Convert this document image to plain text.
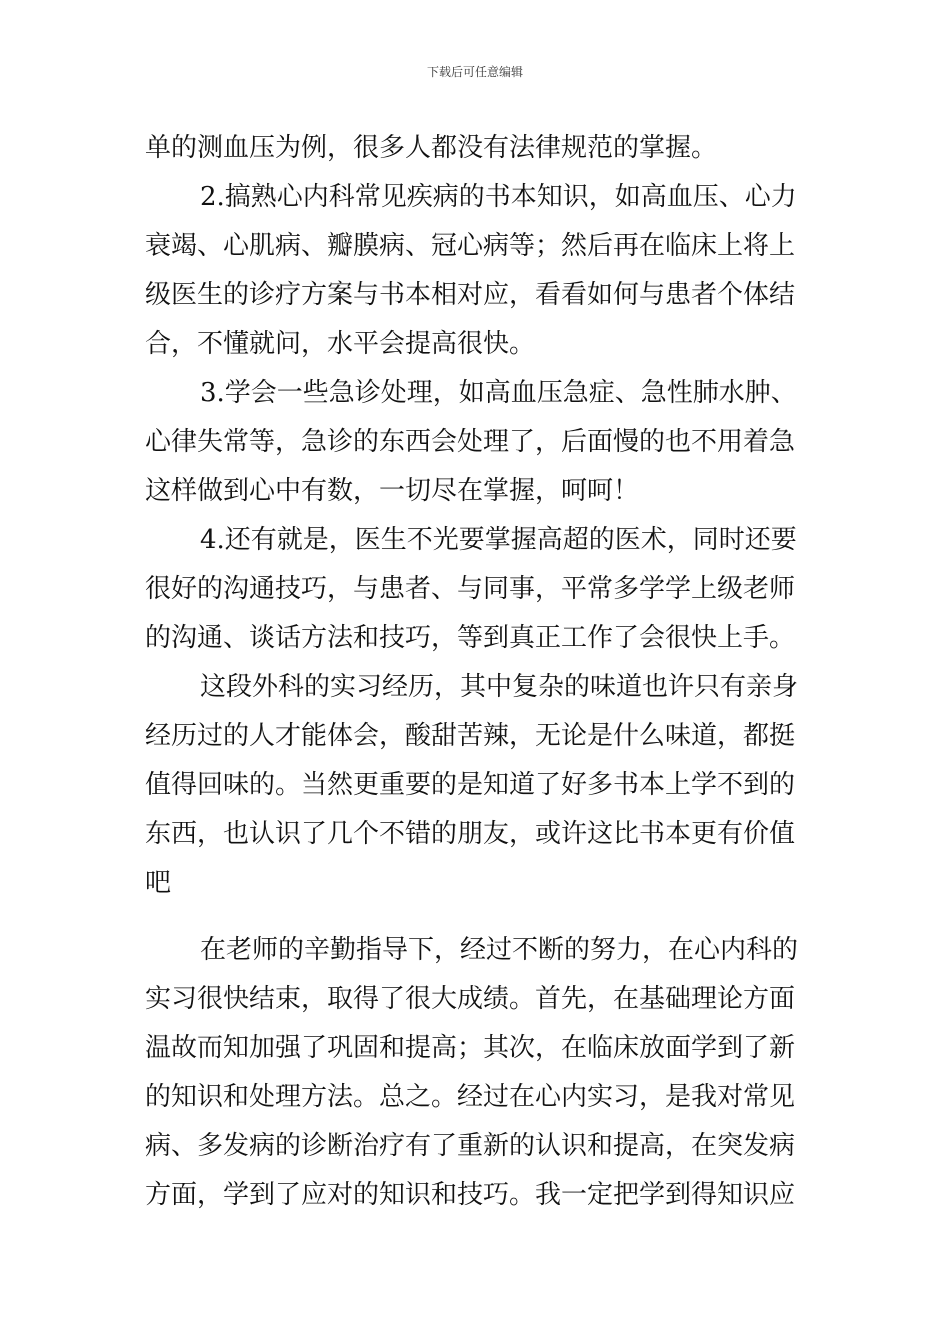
下载后可任意编辑
单的测血压为例，很多人都没有法律规范的掌握。
2.搞熟心内科常见疾病的书本知识，如高血压、心力
衰竭、心肌病、瓣膜病、冠心病等；然后再在临床上将上
级医生的诊疗方案与书本相对应，看看如何与患者个体结
合，不懂就问，水平会提高很快。
3.学会一些急诊处理，如高血压急症、急性肺水肿、
心律失常等，急诊的东西会处理了，后面慢的也不用着急
这样做到心中有数，一切尽在掌握，呵呵！
4.还有就是，医生不光要掌握高超的医术，同时还要
很好的沟通技巧，与患者、与同事，平常多学学上级老师
的沟通、谈话方法和技巧，等到真正工作了会很快上手。
这段外科的实习经历，其中复杂的味道也许只有亲身
经历过的人才能体会，酸甜苦辣，无论是什么味道，都挺
值得回味的。当然更重要的是知道了好多书本上学不到的
东西，也认识了几个不错的朋友，或许这比书本更有价值
吧
在老师的辛勤指导下，经过不断的努力，在心内科的
实习很快结束，取得了很大成绩。首先，在基础理论方面
温故而知加强了巩固和提高；其次，在临床放面学到了新
的知识和处理方法。总之。经过在心内实习，是我对常见
病、多发病的诊断治疗有了重新的认识和提高，在突发病
方面，学到了应对的知识和技巧。我一定把学到得知识应
